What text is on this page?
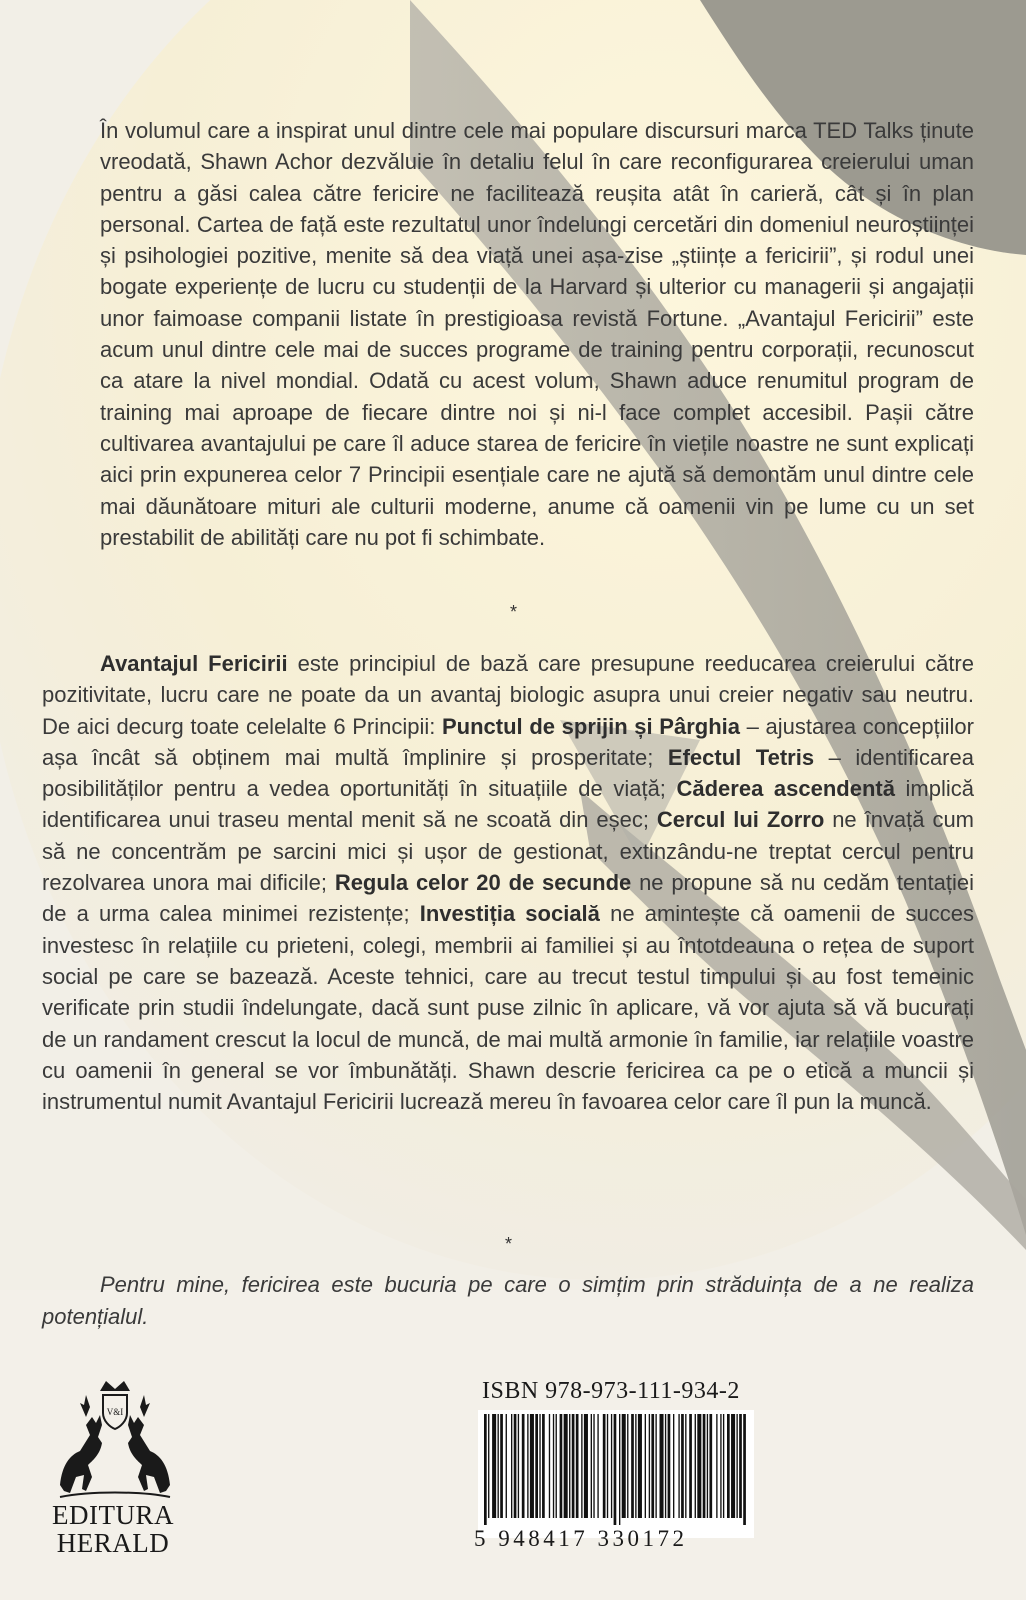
În volumul care a inspirat unul dintre cele mai populare discursuri marca TED Talks ținute vreodată, Shawn Achor dezvăluie în detaliu felul în care reconfigurarea creierului uman pentru a găsi calea către fericire ne facilitează reușita atât în carieră, cât și în plan personal. Cartea de față este rezultatul unor îndelungi cercetări din domeniul neuroștiinței și psihologiei pozitive, menite să dea viață unei așa-zise „științe a fericirii”, și rodul unei bogate experiențe de lucru cu studenții de la Harvard și ulterior cu managerii și angajații unor faimoase companii listate în prestigioasa revistă Fortune. „Avantajul Fericirii” este acum unul dintre cele mai de succes programe de training pentru corporații, recunoscut ca atare la nivel mondial. Odată cu acest volum, Shawn aduce renumitul program de training mai aproape de fiecare dintre noi și ni-l face complet accesibil. Pașii către cultivarea avantajului pe care îl aduce starea de fericire în viețile noastre ne sunt explicați aici prin expunerea celor 7 Principii esențiale care ne ajută să demontăm unul dintre cele mai dăunătoare mituri ale culturii moderne, anume că oamenii vin pe lume cu un set prestabilit de abilități care nu pot fi schimbate.

*

Avantajul Fericirii este principiul de bază care presupune reeducarea creierului către pozitivitate, lucru care ne poate da un avantaj biologic asupra unui creier negativ sau neutru. De aici decurg toate celelalte 6 Principii: Punctul de sprijin și Pârghia – ajustarea concepțiilor așa încât să obținem mai multă împlinire și prosperitate; Efectul Tetris – identificarea posibilităților pentru a vedea oportunități în situațiile de viață; Căderea ascendentă implică identificarea unui traseu mental menit să ne scoată din eșec; Cercul lui Zorro ne învață cum să ne concentrăm pe sarcini mici și ușor de gestionat, extinzându-ne treptat cercul pentru rezolvarea unora mai dificile; Regula celor 20 de secunde ne propune să nu cedăm tentației de a urma calea minimei rezistențe; Investiția socială ne amintește că oamenii de succes investesc în relațiile cu prieteni, colegi, membrii ai familiei și au întotdeauna o rețea de suport social pe care se bazează. Aceste tehnici, care au trecut testul timpului și au fost temeinic verificate prin studii îndelungate, dacă sunt puse zilnic în aplicare, vă vor ajuta să vă bucurați de un randament crescut la locul de muncă, de mai multă armonie în familie, iar relațiile voastre cu oamenii în general se vor îmbunătăți. Shawn descrie fericirea ca pe o etică a muncii și instrumentul numit Avantajul Fericirii lucrează mereu în favoarea celor care îl pun la muncă.

*

Pentru mine, fericirea este bucuria pe care o simțim prin străduința de a ne realiza potențialul.

V&I
EDITURA
HERALD
ISBN 978-973-111-934-2
5 948417 330172
